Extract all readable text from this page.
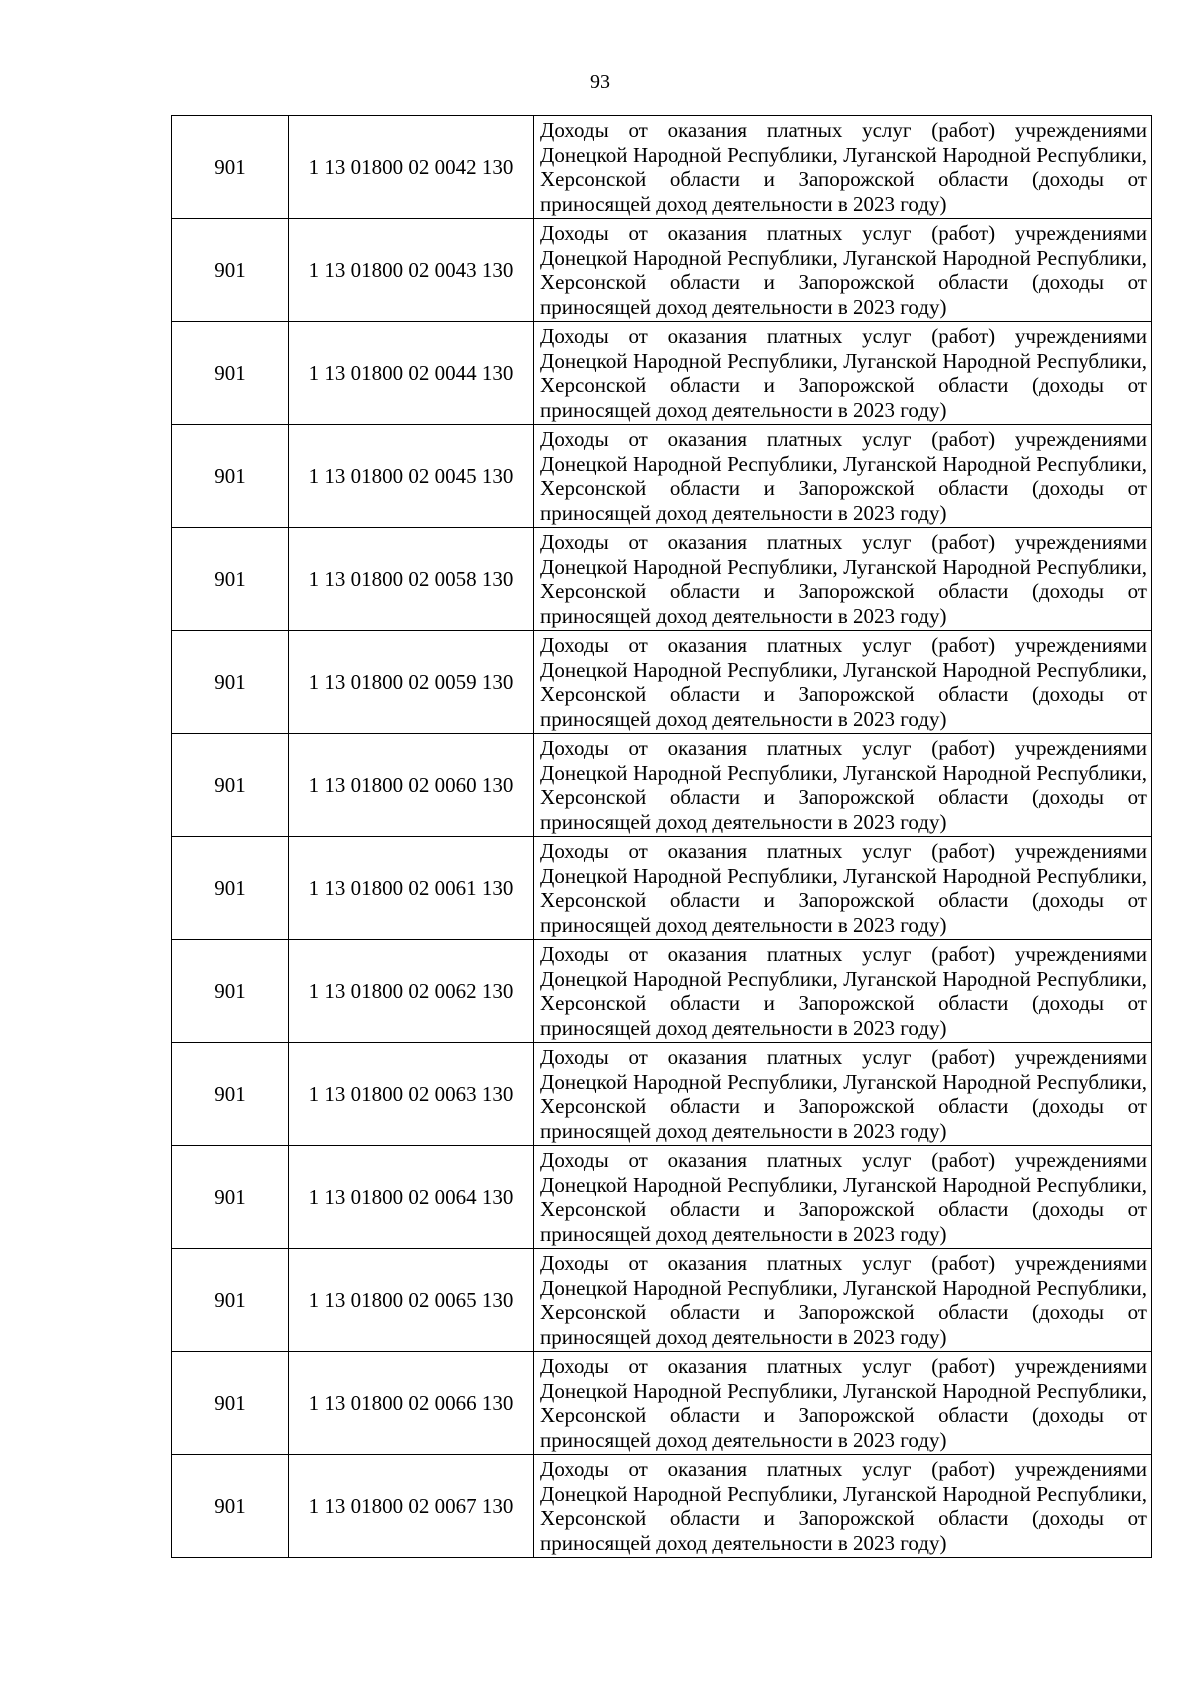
93
901	1 13 01800 02 0042 130	Доходы от оказания платных услуг (работ) учреждениями Донецкой Народной Республики, Луганской Народной Республики, Херсонской области и Запорожской области (доходы от приносящей доход деятельности в 2023 году)
901	1 13 01800 02 0043 130	Доходы от оказания платных услуг (работ) учреждениями Донецкой Народной Республики, Луганской Народной Республики, Херсонской области и Запорожской области (доходы от приносящей доход деятельности в 2023 году)
901	1 13 01800 02 0044 130	Доходы от оказания платных услуг (работ) учреждениями Донецкой Народной Республики, Луганской Народной Республики, Херсонской области и Запорожской области (доходы от приносящей доход деятельности в 2023 году)
901	1 13 01800 02 0045 130	Доходы от оказания платных услуг (работ) учреждениями Донецкой Народной Республики, Луганской Народной Республики, Херсонской области и Запорожской области (доходы от приносящей доход деятельности в 2023 году)
901	1 13 01800 02 0058 130	Доходы от оказания платных услуг (работ) учреждениями Донецкой Народной Республики, Луганской Народной Республики, Херсонской области и Запорожской области (доходы от приносящей доход деятельности в 2023 году)
901	1 13 01800 02 0059 130	Доходы от оказания платных услуг (работ) учреждениями Донецкой Народной Республики, Луганской Народной Республики, Херсонской области и Запорожской области (доходы от приносящей доход деятельности в 2023 году)
901	1 13 01800 02 0060 130	Доходы от оказания платных услуг (работ) учреждениями Донецкой Народной Республики, Луганской Народной Республики, Херсонской области и Запорожской области (доходы от приносящей доход деятельности в 2023 году)
901	1 13 01800 02 0061 130	Доходы от оказания платных услуг (работ) учреждениями Донецкой Народной Республики, Луганской Народной Республики, Херсонской области и Запорожской области (доходы от приносящей доход деятельности в 2023 году)
901	1 13 01800 02 0062 130	Доходы от оказания платных услуг (работ) учреждениями Донецкой Народной Республики, Луганской Народной Республики, Херсонской области и Запорожской области (доходы от приносящей доход деятельности в 2023 году)
901	1 13 01800 02 0063 130	Доходы от оказания платных услуг (работ) учреждениями Донецкой Народной Республики, Луганской Народной Республики, Херсонской области и Запорожской области (доходы от приносящей доход деятельности в 2023 году)
901	1 13 01800 02 0064 130	Доходы от оказания платных услуг (работ) учреждениями Донецкой Народной Республики, Луганской Народной Республики, Херсонской области и Запорожской области (доходы от приносящей доход деятельности в 2023 году)
901	1 13 01800 02 0065 130	Доходы от оказания платных услуг (работ) учреждениями Донецкой Народной Республики, Луганской Народной Республики, Херсонской области и Запорожской области (доходы от приносящей доход деятельности в 2023 году)
901	1 13 01800 02 0066 130	Доходы от оказания платных услуг (работ) учреждениями Донецкой Народной Республики, Луганской Народной Республики, Херсонской области и Запорожской области (доходы от приносящей доход деятельности в 2023 году)
901	1 13 01800 02 0067 130	Доходы от оказания платных услуг (работ) учреждениями Донецкой Народной Республики, Луганской Народной Республики, Херсонской области и Запорожской области (доходы от приносящей доход деятельности в 2023 году)
